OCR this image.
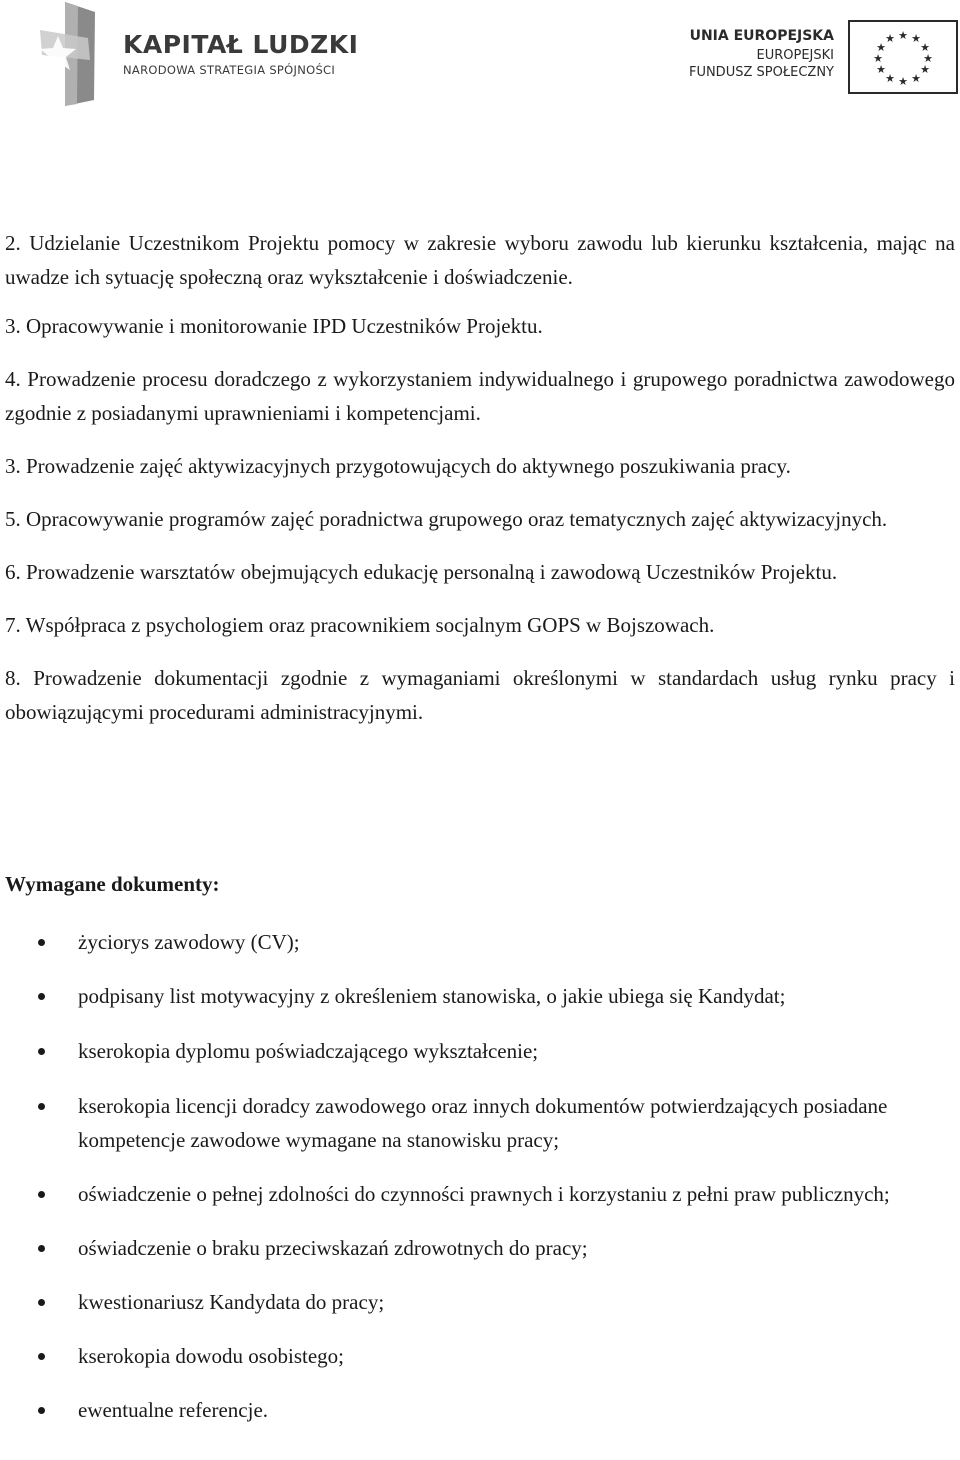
KAPITAŁ LUDZKI
NARODOWA STRATEGIA SPÓJNOŚCI
UNIA EUROPEJSKA
EUROPEJSKI
FUNDUSZ SPOŁECZNY
★ ★
★
★
★
★
★
★
★
★
★
★

2. Udzielanie Uczestnikom Projektu pomocy w zakresie wyboru zawodu lub kierunku kształcenia, mając na uwadze ich sytuację społeczną oraz wykształcenie i doświadczenie.

3. Opracowywanie i monitorowanie IPD Uczestników Projektu.

4. Prowadzenie procesu doradczego z wykorzystaniem indywidualnego i grupowego poradnictwa zawodowego zgodnie z posiadanymi uprawnieniami i kompetencjami.

3. Prowadzenie zajęć aktywizacyjnych przygotowujących do aktywnego poszukiwania pracy.

5. Opracowywanie programów zajęć poradnictwa grupowego oraz tematycznych zajęć aktywizacyjnych.

6. Prowadzenie warsztatów obejmujących edukację personalną i zawodową Uczestników Projektu.

7. Współpraca z psychologiem oraz pracownikiem socjalnym GOPS w Bojszowach.

8. Prowadzenie dokumentacji zgodnie z wymaganiami określonymi w standardach usług rynku pracy i obowiązującymi procedurami administracyjnymi.

Wymagane dokumenty:
życiorys zawodowy (CV);
podpisany list motywacyjny z określeniem stanowiska, o jakie ubiega się Kandydat;
kserokopia dyplomu poświadczającego wykształcenie;
kserokopia licencji doradcy zawodowego oraz innych dokumentów potwierdzających posiadane kompetencje zawodowe wymagane na stanowisku pracy;
oświadczenie o pełnej zdolności do czynności prawnych i korzystaniu z pełni praw publicznych;
oświadczenie o braku przeciwskazań zdrowotnych do pracy;
kwestionariusz Kandydata do pracy;
kserokopia dowodu osobistego;
ewentualne referencje.
